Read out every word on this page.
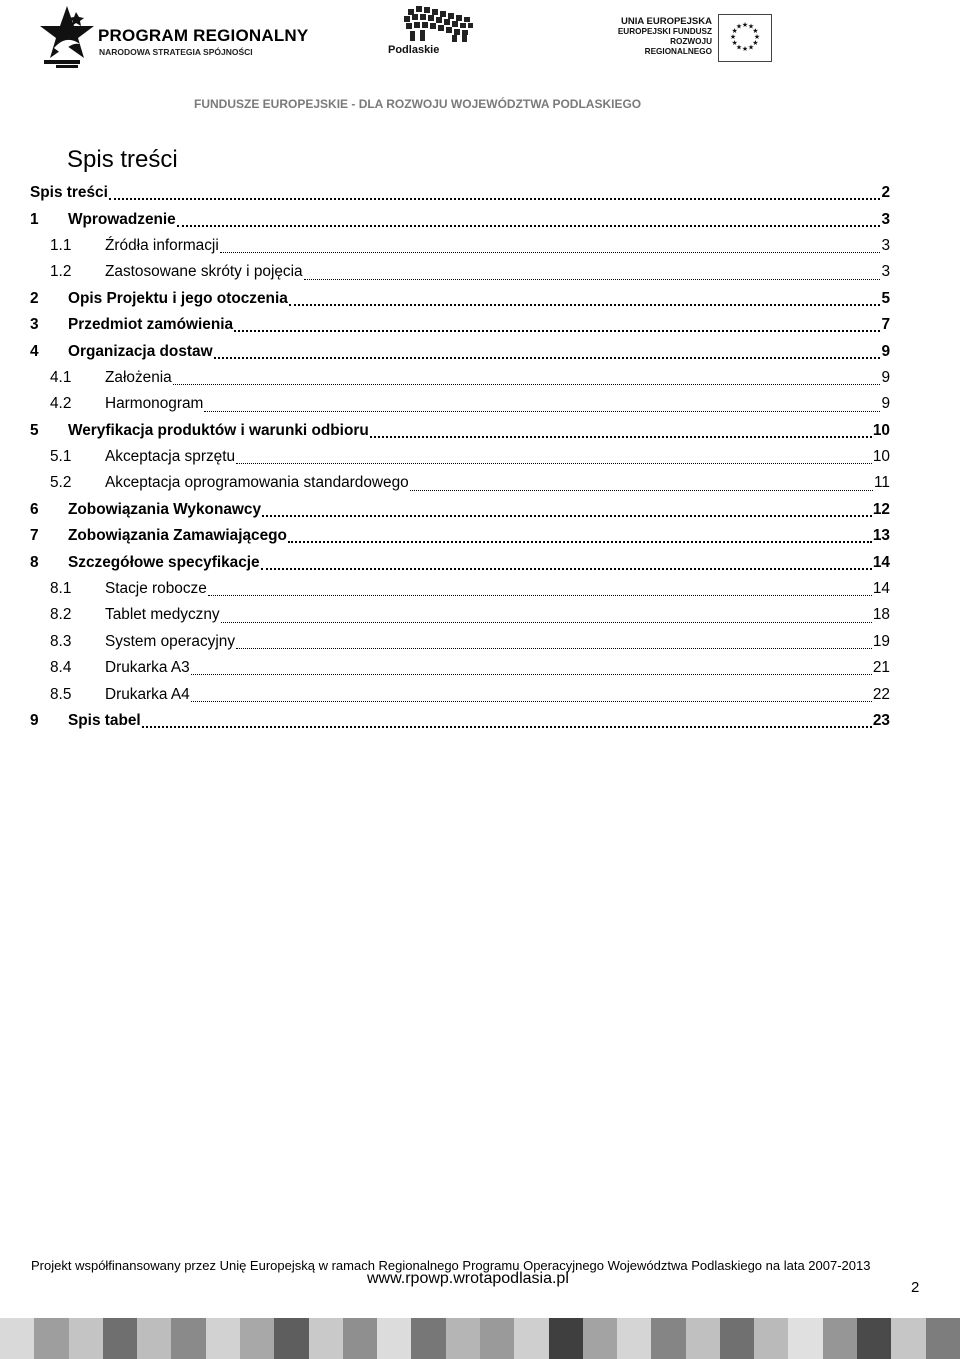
PROGRAM REGIONALNY
NARODOWA STRATEGIA SPÓJNOŚCI	Podlaskie
UNIA EUROPEJSKA
EUROPEJSKI FUNDUSZ
ROZWOJU REGIONALNEGO
★ ★
★
★
★
★
★
★
★
★
★
★
FUNDUSZE EUROPEJSKIE - DLA ROZWOJU WOJEWÓDZTWA PODLASKIEGO
Spis treści
Spis treści	2
1	Wprowadzenie	3
1.1	Źródła informacji	3
1.2	Zastosowane skróty i pojęcia	3
2	Opis Projektu i jego otoczenia	5
3	Przedmiot zamówienia	7
4	Organizacja dostaw	9
4.1	Założenia	9
4.2	Harmonogram	9
5	Weryfikacja produktów i warunki odbioru	10
5.1	Akceptacja sprzętu	10
5.2	Akceptacja oprogramowania standardowego	11
6	Zobowiązania Wykonawcy	12
7	Zobowiązania Zamawiającego	13
8	Szczegółowe specyfikacje	14
8.1	Stacje robocze	14
8.2	Tablet medyczny	18
8.3	System operacyjny	19
8.4	Drukarka A3	21
8.5	Drukarka A4	22
9	Spis tabel	23
Projekt współfinansowany przez Unię Europejską w ramach Regionalnego Programu Operacyjnego Województwa Podlaskiego na lata 2007-2013
www.rpowp.wrotapodlasia.pl
2
